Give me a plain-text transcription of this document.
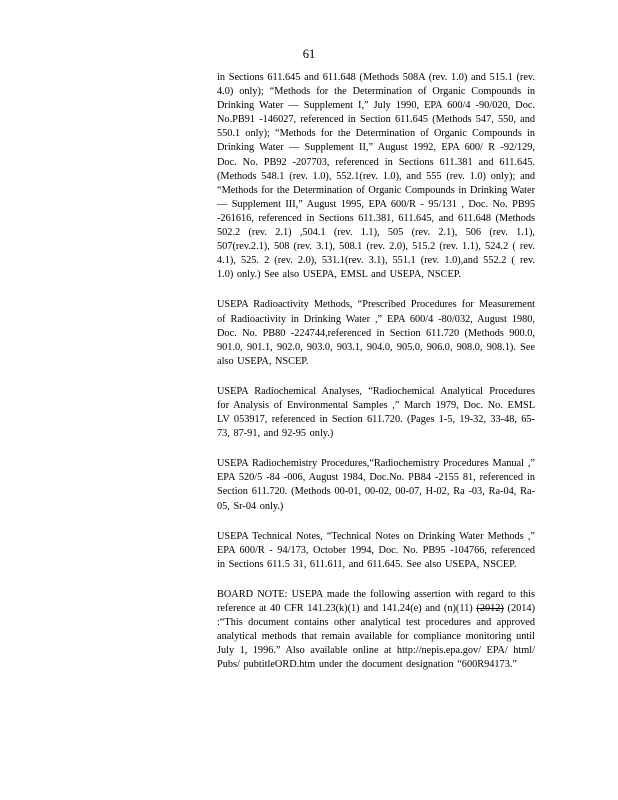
61

in Sections 611.645 and 611.648 (Methods 508A (rev. 1.0) and 515.1 (rev. 4.0) only); “Methods for the Determination of Organic Compounds in Drinking Water — Supplement I,” July 1990, EPA 600/4 -90/020, Doc. No.PB91 -146027, referenced in Section 611.645 (Methods 547, 550, and 550.1 only); “Methods for the Determination of Organic Compounds in Drinking Water — Supplement II,” August 1992, EPA 600/ R -92/129, Doc. No. PB92 -207703, referenced in Sections 611.381 and 611.645. (Methods 548.1 (rev. 1.0), 552.1(rev. 1.0), and 555 (rev. 1.0) only); and “Methods for the Determination of Organic Compounds in Drinking Water — Supplement III,” August 1995, EPA 600/R - 95/131 , Doc. No. PB95 -261616, referenced in Sections 611.381, 611.645, and 611.648 (Methods 502.2 (rev. 2.1) ,504.1 (rev. 1.1), 505 (rev. 2.1), 506 (rev. 1.1), 507(rev.2.1), 508 (rev. 3.1), 508.1 (rev. 2.0), 515.2 (rev. 1.1), 524.2 ( rev. 4.1), 525. 2 (rev. 2.0), 531.1(rev. 3.1), 551.1 (rev. 1.0),and 552.2 ( rev. 1.0) only.) See also USEPA, EMSL and USEPA, NSCEP.

USEPA Radioactivity Methods, “Prescribed Procedures for Measurement of Radioactivity in Drinking Water ,” EPA 600/4 -80/032, August 1980, Doc. No. PB80 -224744,referenced in Section 611.720 (Methods 900.0, 901.0, 901.1, 902.0, 903.0, 903.1, 904.0, 905.0, 906.0, 908.0, 908.1). See also USEPA, NSCEP.

USEPA Radiochemical Analyses, “Radiochemical Analytical Procedures for Analysis of Environmental Samples ,” March 1979, Doc. No. EMSL LV 053917, referenced in Section 611.720. (Pages 1-5, 19-32, 33-48, 65-73, 87-91, and 92-95 only.)

USEPA Radiochemistry Procedures,“Radiochemistry Procedures Manual ,” EPA 520/5 -84 -006, August 1984, Doc.No. PB84 -2155 81, referenced in Section 611.720. (Methods 00-01, 00-02, 00-07, H-02, Ra -03, Ra-04, Ra-05, Sr-04 only.)

USEPA Technical Notes, “Technical Notes on Drinking Water Methods ,” EPA 600/R - 94/173, October 1994, Doc. No. PB95 -104766, referenced in Sections 611.5 31, 611.611, and 611.645. See also USEPA, NSCEP.

BOARD NOTE: USEPA made the following assertion with regard to this reference at 40 CFR 141.23(k)(1) and 141.24(e) and (n)(11) (2012) (2014) :“This document contains other analytical test procedures and approved analytical methods that remain available for compliance monitoring until July 1, 1996.” Also available online at http://nepis.epa.gov/ EPA/ html/ Pubs/ pubtitleORD.htm under the document designation “600R94173.”
